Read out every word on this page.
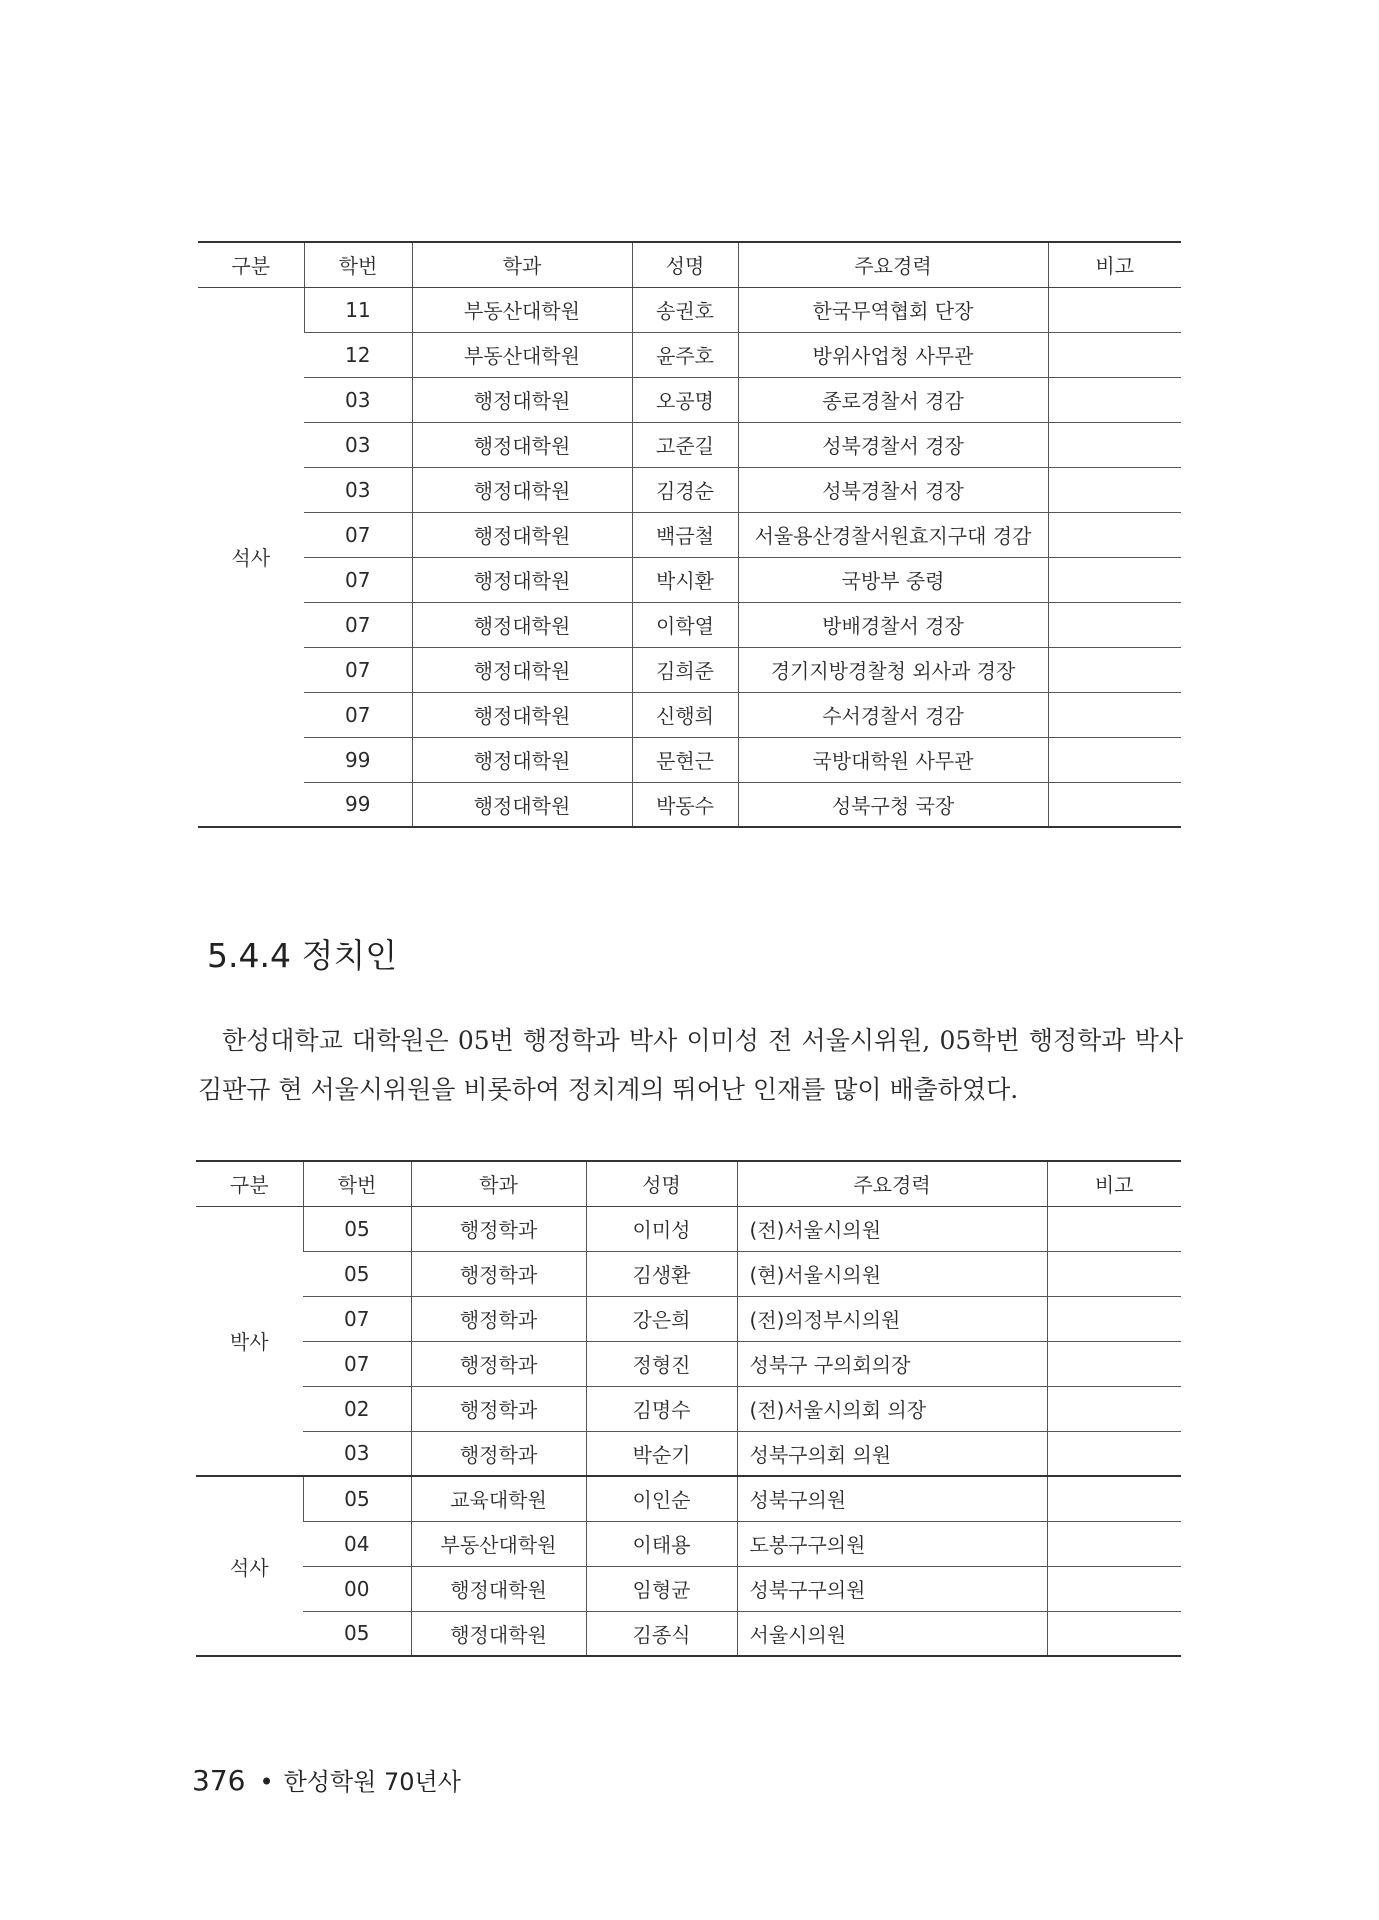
구분	학번	학과	성명	주요경력	비고
석사	11	부동산대학원	송권호	한국무역협회 단장	
	12	부동산대학원	윤주호	방위사업청 사무관	
	03	행정대학원	오공명	종로경찰서 경감	
	03	행정대학원	고준길	성북경찰서 경장	
	03	행정대학원	김경순	성북경찰서 경장	
	07	행정대학원	백금철	서울용산경찰서원효지구대 경감	
	07	행정대학원	박시환	국방부 중령	
	07	행정대학원	이학열	방배경찰서 경장	
	07	행정대학원	김희준	경기지방경찰청 외사과 경장	
	07	행정대학원	신행희	수서경찰서 경감	
	99	행정대학원	문현근	국방대학원 사무관	
	99	행정대학원	박동수	성북구청 국장	
5.4.4 정치인

한성대학교 대학원은 05번 행정학과 박사 이미성 전 서울시위원, 05학번 행정학과 박사 김판규 현 서울시위원을 비롯하여 정치계의 뛰어난 인재를 많이 배출하였다.

구분	학번	학과	성명	주요경력	비고
박사	05	행정학과	이미성	(전)서울시의원	
	05	행정학과	김생환	(현)서울시의원	
	07	행정학과	강은희	(전)의정부시의원	
	07	행정학과	정형진	성북구 구의회의장	
	02	행정학과	김명수	(전)서울시의회 의장	
	03	행정학과	박순기	성북구의회 의원	
석사	05	교육대학원	이인순	성북구의원	
	04	부동산대학원	이태용	도봉구구의원	
	00	행정대학원	임형균	성북구구의원	
	05	행정대학원	김종식	서울시의원	
376 • 한성학원 70년사
